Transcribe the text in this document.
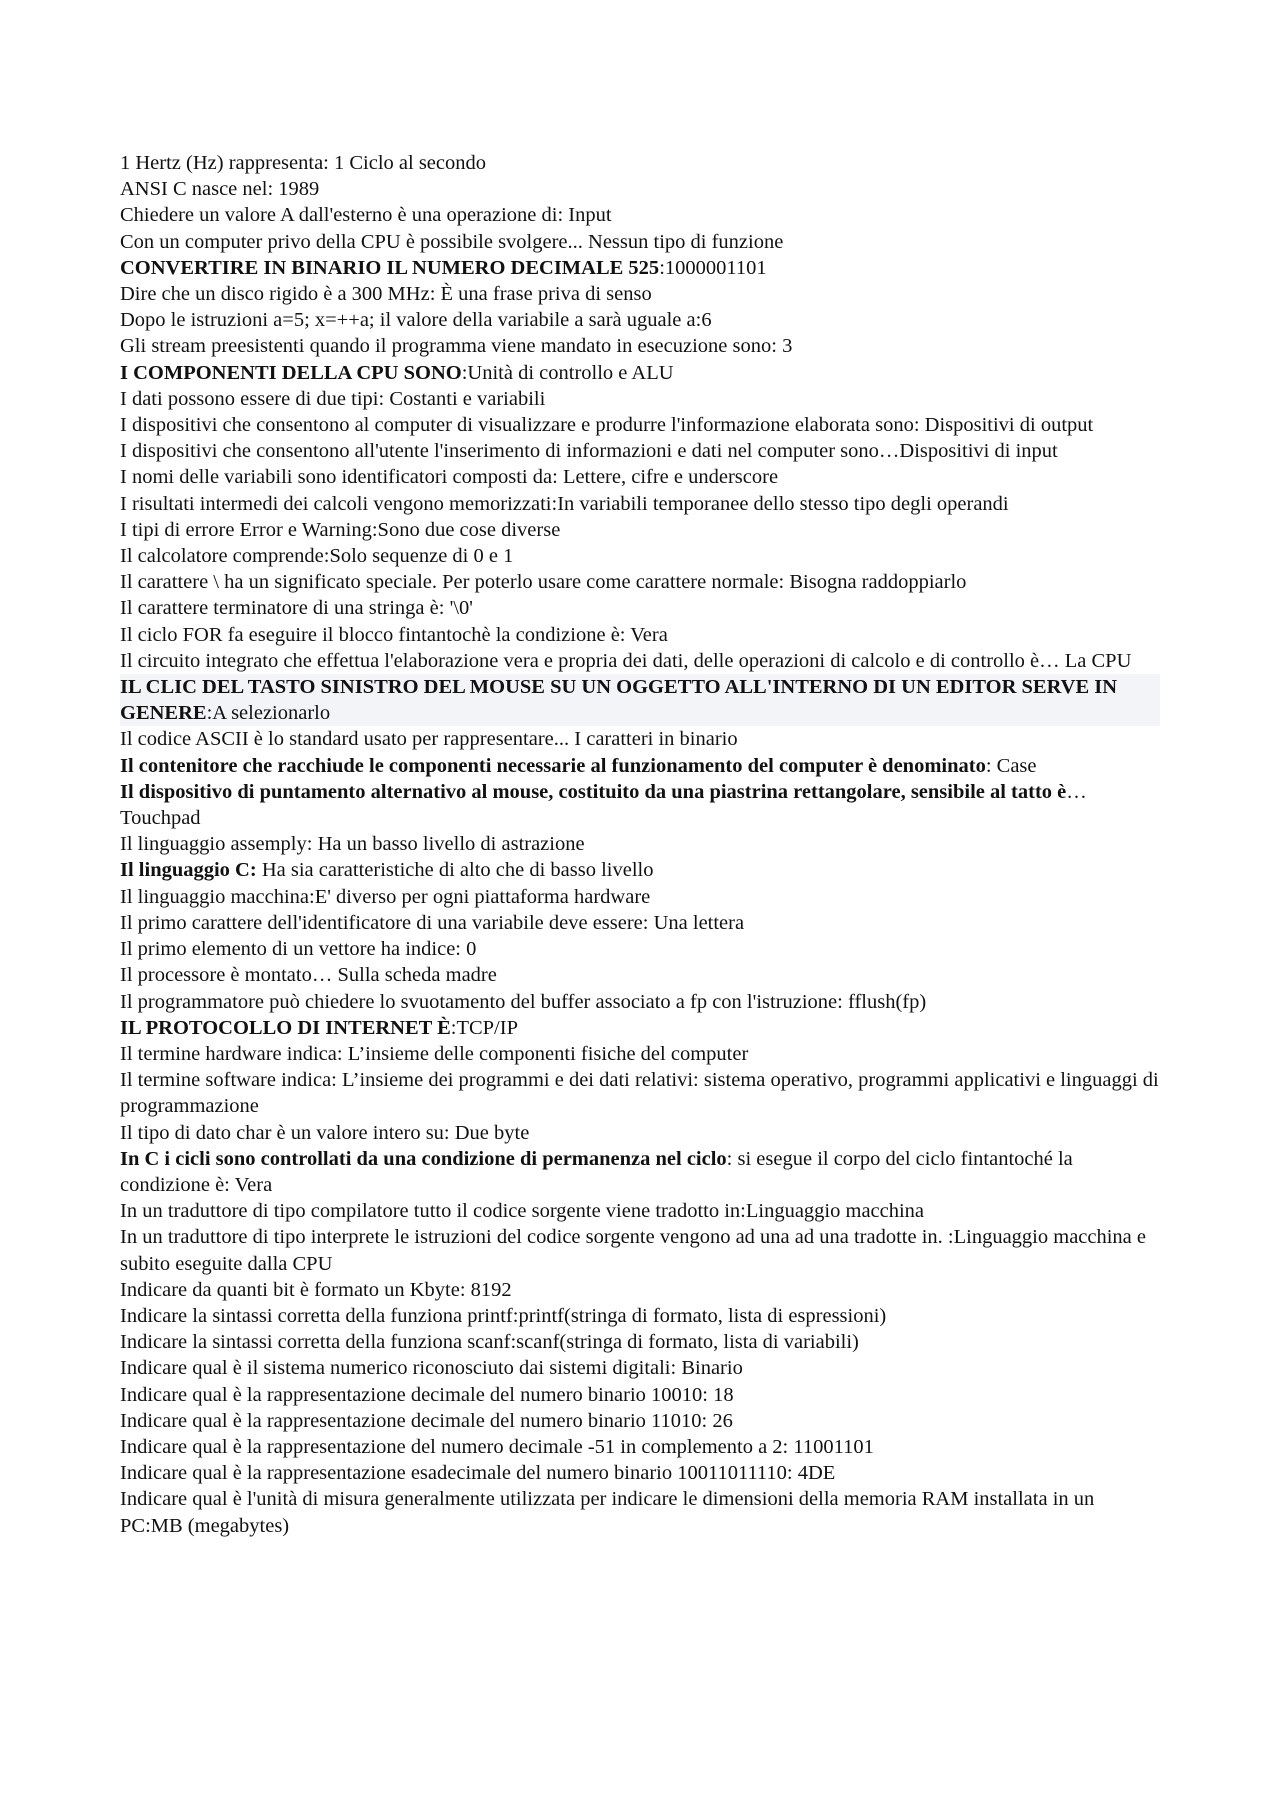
1 Hertz (Hz) rappresenta: 1 Ciclo al secondo

ANSI C nasce nel: 1989

Chiedere un valore A dall'esterno è una operazione di: Input

Con un computer privo della CPU è possibile svolgere... Nessun tipo di funzione

CONVERTIRE IN BINARIO IL NUMERO DECIMALE 525:1000001101

Dire che un disco rigido è a 300 MHz: È una frase priva di senso

Dopo le istruzioni a=5; x=++a; il valore della variabile a sarà uguale a:6

Gli stream preesistenti quando il programma viene mandato in esecuzione sono: 3

I COMPONENTI DELLA CPU SONO:Unità di controllo e ALU

I dati possono essere di due tipi: Costanti e variabili

I dispositivi che consentono al computer di visualizzare e produrre l'informazione elaborata sono: Dispositivi di output

I dispositivi che consentono all'utente l'inserimento di informazioni e dati nel computer sono…Dispositivi di input

I nomi delle variabili sono identificatori composti da: Lettere, cifre e underscore

I risultati intermedi dei calcoli vengono memorizzati:In variabili temporanee dello stesso tipo degli operandi

I tipi di errore Error e Warning:Sono due cose diverse

Il calcolatore comprende:Solo sequenze di 0 e 1

Il carattere \ ha un significato speciale. Per poterlo usare come carattere normale: Bisogna raddoppiarlo

Il carattere terminatore di una stringa è: '\0'

Il ciclo FOR fa eseguire il blocco fintantochè la condizione è: Vera

Il circuito integrato che effettua l'elaborazione vera e propria dei dati, delle operazioni di calcolo e di controllo è… La CPU

IL CLIC DEL TASTO SINISTRO DEL MOUSE SU UN OGGETTO ALL'INTERNO DI UN EDITOR SERVE IN GENERE:A selezionarlo

Il codice ASCII è lo standard usato per rappresentare... I caratteri in binario

Il contenitore che racchiude le componenti necessarie al funzionamento del computer è denominato: Case

Il dispositivo di puntamento alternativo al mouse, costituito da una piastrina rettangolare, sensibile al tatto è…Touchpad

Il linguaggio assemply: Ha un basso livello di astrazione

Il linguaggio C: Ha sia caratteristiche di alto che di basso livello

Il linguaggio macchina:E' diverso per ogni piattaforma hardware

Il primo carattere dell'identificatore di una variabile deve essere: Una lettera

Il primo elemento di un vettore ha indice: 0

Il processore è montato… Sulla scheda madre

Il programmatore può chiedere lo svuotamento del buffer associato a fp con l'istruzione: fflush(fp)

IL PROTOCOLLO DI INTERNET È:TCP/IP

Il termine hardware indica: L’insieme delle componenti fisiche del computer

Il termine software indica: L’insieme dei programmi e dei dati relativi: sistema operativo, programmi applicativi e linguaggi di programmazione

Il tipo di dato char è un valore intero su: Due byte

In C i cicli sono controllati da una condizione di permanenza nel ciclo: si esegue il corpo del ciclo fintantoché la condizione è: Vera

In un traduttore di tipo compilatore tutto il codice sorgente viene tradotto in:Linguaggio macchina

In un traduttore di tipo interprete le istruzioni del codice sorgente vengono ad una ad una tradotte in. :Linguaggio macchina e subito eseguite dalla CPU

Indicare da quanti bit è formato un Kbyte: 8192

Indicare la sintassi corretta della funziona printf:printf(stringa di formato, lista di espressioni)

Indicare la sintassi corretta della funziona scanf:scanf(stringa di formato, lista di variabili)

Indicare qual è il sistema numerico riconosciuto dai sistemi digitali: Binario

Indicare qual è la rappresentazione decimale del numero binario 10010: 18

Indicare qual è la rappresentazione decimale del numero binario 11010: 26

Indicare qual è la rappresentazione del numero decimale -51 in complemento a 2: 11001101

Indicare qual è la rappresentazione esadecimale del numero binario 10011011110: 4DE

Indicare qual è l'unità di misura generalmente utilizzata per indicare le dimensioni della memoria RAM installata in un PC:MB (megabytes)
